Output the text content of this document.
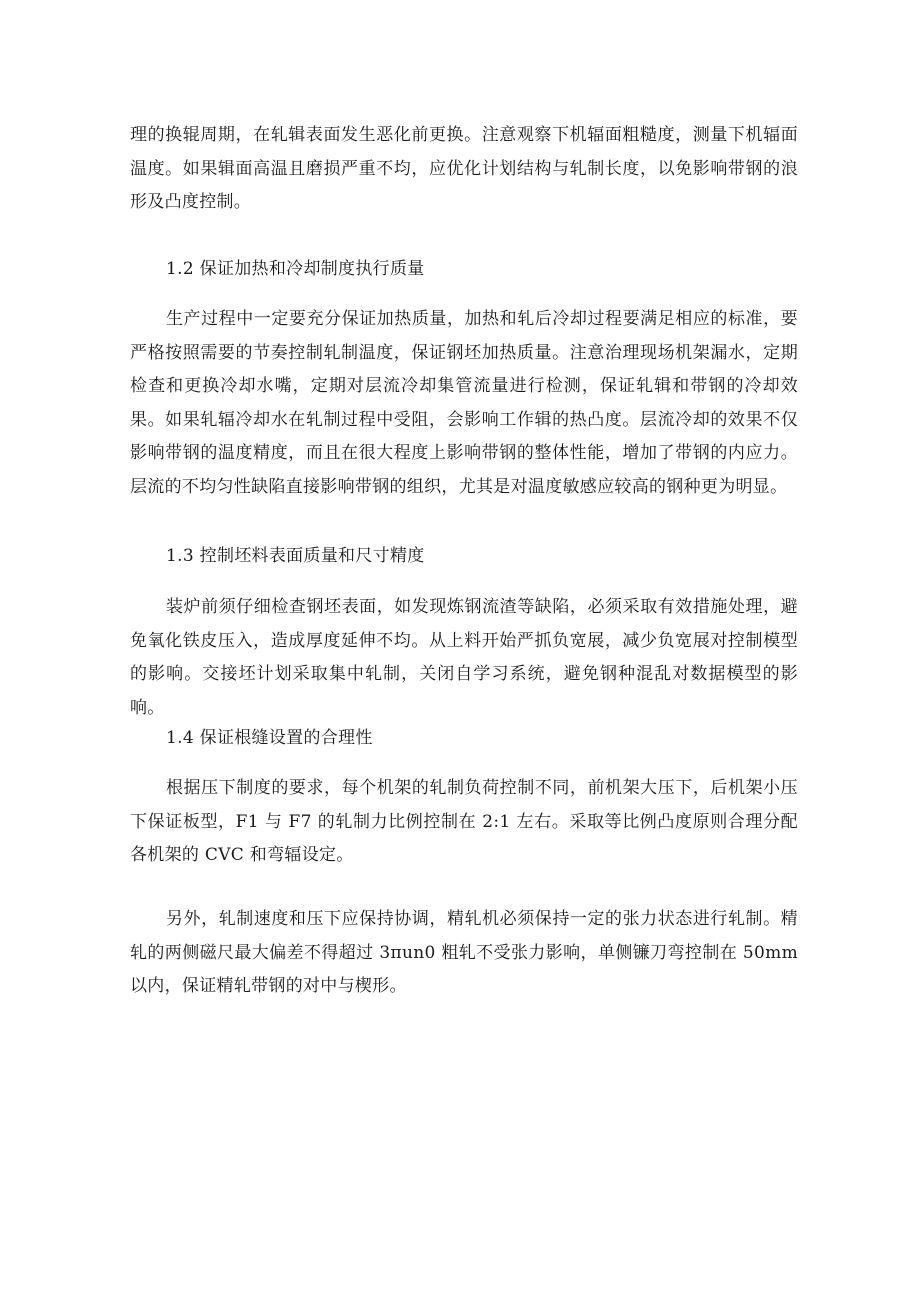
理的换辊周期，在轧辑表面发生恶化前更换。注意观察下机辐面粗糙度，测量下机辐面温度。如果辑面高温且磨损严重不均，应优化计划结构与轧制长度，以免影响带钢的浪形及凸度控制。

1.2 保证加热和冷却制度执行质量

生产过程中一定要充分保证加热质量，加热和轧后冷却过程要满足相应的标准，要严格按照需要的节奏控制轧制温度，保证钢坯加热质量。注意治理现场机架漏水，定期检查和更换冷却水嘴，定期对层流冷却集管流量进行检测，保证轧辑和带钢的冷却效果。如果轧辐冷却水在轧制过程中受阻，会影响工作辑的热凸度。层流冷却的效果不仅影响带钢的温度精度，而且在很大程度上影响带钢的整体性能，增加了带钢的内应力。层流的不均匀性缺陷直接影响带钢的组织，尤其是对温度敏感应较高的钢种更为明显。

1.3 控制坯料表面质量和尺寸精度

装炉前须仔细检查钢坯表面，如发现炼钢流渣等缺陷，必须采取有效措施处理，避免氧化铁皮压入，造成厚度延伸不均。从上料开始严抓负宽展，减少负宽展对控制模型的影响。交接坯计划采取集中轧制，关闭自学习系统，避免钢种混乱对数据模型的影响。

1.4 保证根缝设置的合理性

根据压下制度的要求，每个机架的轧制负荷控制不同，前机架大压下，后机架小压下保证板型，F1 与 F7 的轧制力比例控制在 2:1 左右。采取等比例凸度原则合理分配各机架的 CVC 和弯辐设定。

另外，轧制速度和压下应保持协调，精轧机必须保持一定的张力状态进行轧制。精轧的两侧磁尺最大偏差不得超过 3πun0 粗轧不受张力影响，单侧镰刀弯控制在 50mm 以内，保证精轧带钢的对中与楔形。
